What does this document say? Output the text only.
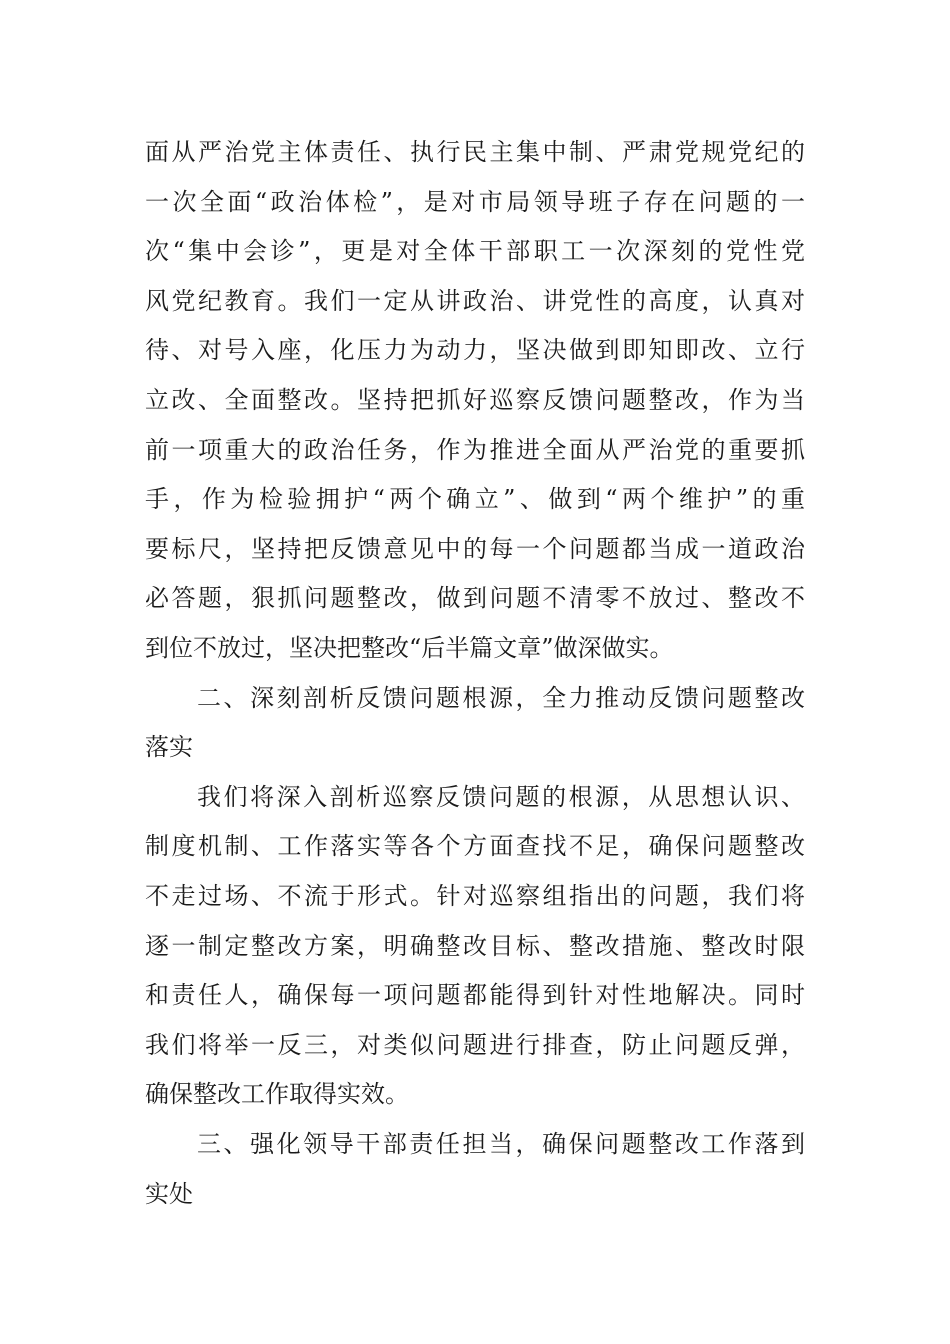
面从严治党主体责任、执行民主集中制、严肃党规党纪的
一次全面“政治体检”，是对市局领导班子存在问题的一
次“集中会诊”，更是对全体干部职工一次深刻的党性党
风党纪教育。我们一定从讲政治、讲党性的高度，认真对
待、对号入座，化压力为动力，坚决做到即知即改、立行
立改、全面整改。坚持把抓好巡察反馈问题整改，作为当
前一项重大的政治任务，作为推进全面从严治党的重要抓
手，作为检验拥护“两个确立”、做到“两个维护”的重
要标尺，坚持把反馈意见中的每一个问题都当成一道政治
必答题，狠抓问题整改，做到问题不清零不放过、整改不
到位不放过，坚决把整改“后半篇文章”做深做实。
二、深刻剖析反馈问题根源，全力推动反馈问题整改
落实
我们将深入剖析巡察反馈问题的根源，从思想认识、
制度机制、工作落实等各个方面查找不足，确保问题整改
不走过场、不流于形式。针对巡察组指出的问题，我们将
逐一制定整改方案，明确整改目标、整改措施、整改时限
和责任人，确保每一项问题都能得到针对性地解决。同时
我们将举一反三，对类似问题进行排查，防止问题反弹，
确保整改工作取得实效。
三、强化领导干部责任担当，确保问题整改工作落到
实处
